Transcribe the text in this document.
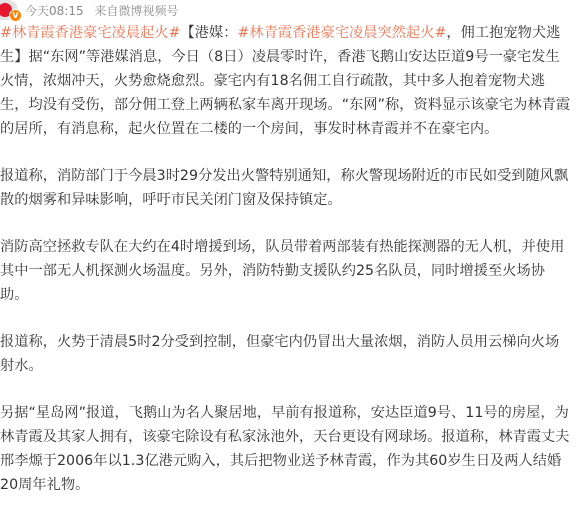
V 今天08:15 来自微博视频号

#林青霞香港豪宅凌晨起火#【港媒：#林青霞香港豪宅凌晨突然起火#，佣工抱宠物犬逃生】据“东网”等港媒消息，今日（8日）凌晨零时许，香港飞鹅山安达臣道9号一豪宅发生火情，浓烟冲天，火势愈烧愈烈。豪宅内有18名佣工自行疏散，其中多人抱着宠物犬逃生，均没有受伤，部分佣工登上两辆私家车离开现场。“东网”称，资料显示该豪宅为林青霞的居所，有消息称，起火位置在二楼的一个房间，事发时林青霞并不在豪宅内。

报道称，消防部门于今晨3时29分发出火警特别通知，称火警现场附近的市民如受到随风飘散的烟雾和异味影响，呼吁市民关闭门窗及保持镇定。

消防高空拯救专队在大约在4时增援到场，队员带着两部装有热能探测器的无人机，并使用其中一部无人机探测火场温度。另外，消防特勤支援队约25名队员，同时增援至火场协助。

报道称，火势于清晨5时2分受到控制，但豪宅内仍冒出大量浓烟，消防人员用云梯向火场射水。

另据“星岛网”报道，飞鹅山为名人聚居地，早前有报道称，安达臣道9号、11号的房屋，为林青霞及其家人拥有，该豪宅除设有私家泳池外，天台更设有网球场。报道称，林青霞丈夫邢李㷧于2006年以1.3亿港元购入，其后把物业送予林青霞，作为其60岁生日及两人结婚20周年礼物。
